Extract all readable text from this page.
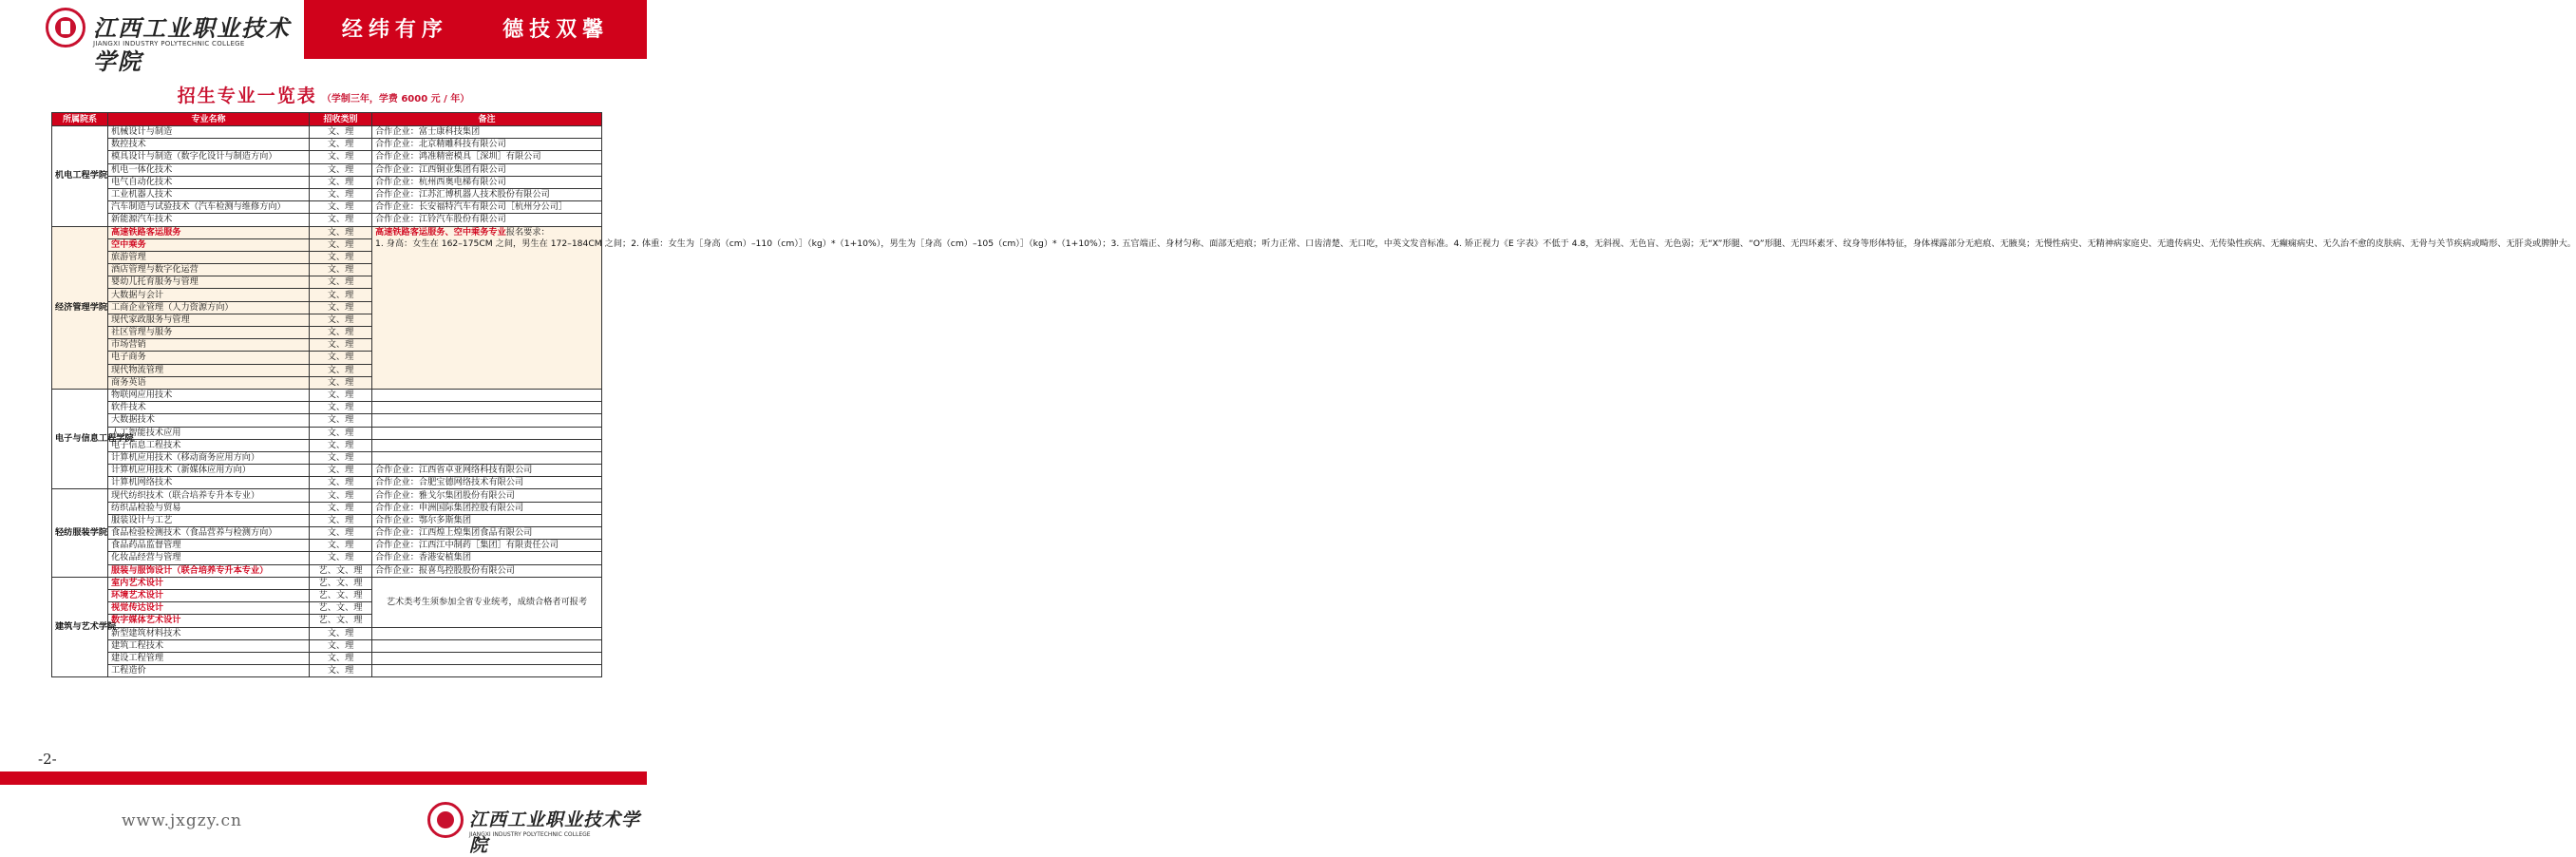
江西工业职业技术学院
JIANGXI INDUSTRY POLYTECHNIC COLLEGE
经纬有序	德技双馨
招生专业一览表 （学制三年，学费 6000 元 / 年）
所属院系	专业名称	招收类别	备注
机电工程学院	机械设计与制造	文、理	合作企业：富士康科技集团
	数控技术	文、理	合作企业：北京精雕科技有限公司
	模具设计与制造（数字化设计与制造方向）	文、理	合作企业：鸿准精密模具［深圳］有限公司
	机电一体化技术	文、理	合作企业：江西铜业集团有限公司
	电气自动化技术	文、理	合作企业：杭州西奥电梯有限公司
	工业机器人技术	文、理	合作企业：江苏汇博机器人技术股份有限公司
	汽车制造与试验技术（汽车检测与维修方向）	文、理	合作企业：长安福特汽车有限公司［杭州分公司］
	新能源汽车技术	文、理	合作企业：江铃汽车股份有限公司
经济管理学院	高速铁路客运服务	文、理	高速铁路客运服务、空中乘务专业报名要求：
1. 身高：女生在 162–175CM 之间，男生在 172–184CM 之间；2. 体重：女生为［身高（cm）–110（cm）］（kg）*（1+10%），男生为［身高（cm）–105（cm）］（kg）*（1+10%）；3. 五官端正、身材匀称、面部无疤痕；听力正常、口齿清楚、无口吃，中英文发音标准。4. 矫正视力《E 字表》不低于 4.8，无斜视、无色盲、无色弱；无“X”形腿、“O”形腿、无四环素牙、纹身等形体特征，身体裸露部分无疤痕、无腋臭；无慢性病史、无精神病家庭史、无遗传病史、无传染性疾病、无癫痫病史、无久治不愈的皮肤病、无骨与关节疾病或畸形、无肝炎或脾肿大。
	空中乘务	文、理	
	旅游管理	文、理	
	酒店管理与数字化运营	文、理	
	婴幼儿托育服务与管理	文、理	
	大数据与会计	文、理	
	工商企业管理（人力资源方向）	文、理	
	现代家政服务与管理	文、理	
	社区管理与服务	文、理	
	市场营销	文、理	
	电子商务	文、理	
	现代物流管理	文、理	
	商务英语	文、理	
电子与信息工程学院	物联网应用技术	文、理	
	软件技术	文、理	
	大数据技术	文、理	
	人工智能技术应用	文、理	
	电子信息工程技术	文、理	
	计算机应用技术（移动商务应用方向）	文、理	
	计算机应用技术（新媒体应用方向）	文、理	合作企业：江西省卓亚网络科技有限公司
	计算机网络技术	文、理	合作企业：合肥宝德网络技术有限公司
轻纺服装学院	现代纺织技术（联合培养专升本专业）	文、理	合作企业：雅戈尔集团股份有限公司
	纺织品检验与贸易	文、理	合作企业：申洲国际集团控股有限公司
	服装设计与工艺	文、理	合作企业：鄂尔多斯集团
	食品检验检测技术（食品营养与检测方向）	文、理	合作企业：江西煌上煌集团食品有限公司
	食品药品监督管理	文、理	合作企业：江西江中制药［集团］有限责任公司
	化妆品经营与管理	文、理	合作企业：香港安植集团
	服装与服饰设计（联合培养专升本专业）	艺、文、理	合作企业：报喜鸟控股股份有限公司
建筑与艺术学院	室内艺术设计	艺、文、理	艺术类考生须参加全省专业统考，成绩合格者可报考
	环境艺术设计	艺、文、理	
	视觉传达设计	艺、文、理	
	数字媒体艺术设计	艺、文、理	
	新型建筑材料技术	文、理	
	建筑工程技术	文、理	
	建设工程管理	文、理	
	工程造价	文、理	
-2-
www.jxgzy.cn	江西工业职业技术学院
JIANGXI INDUSTRY POLYTECHNIC COLLEGE
